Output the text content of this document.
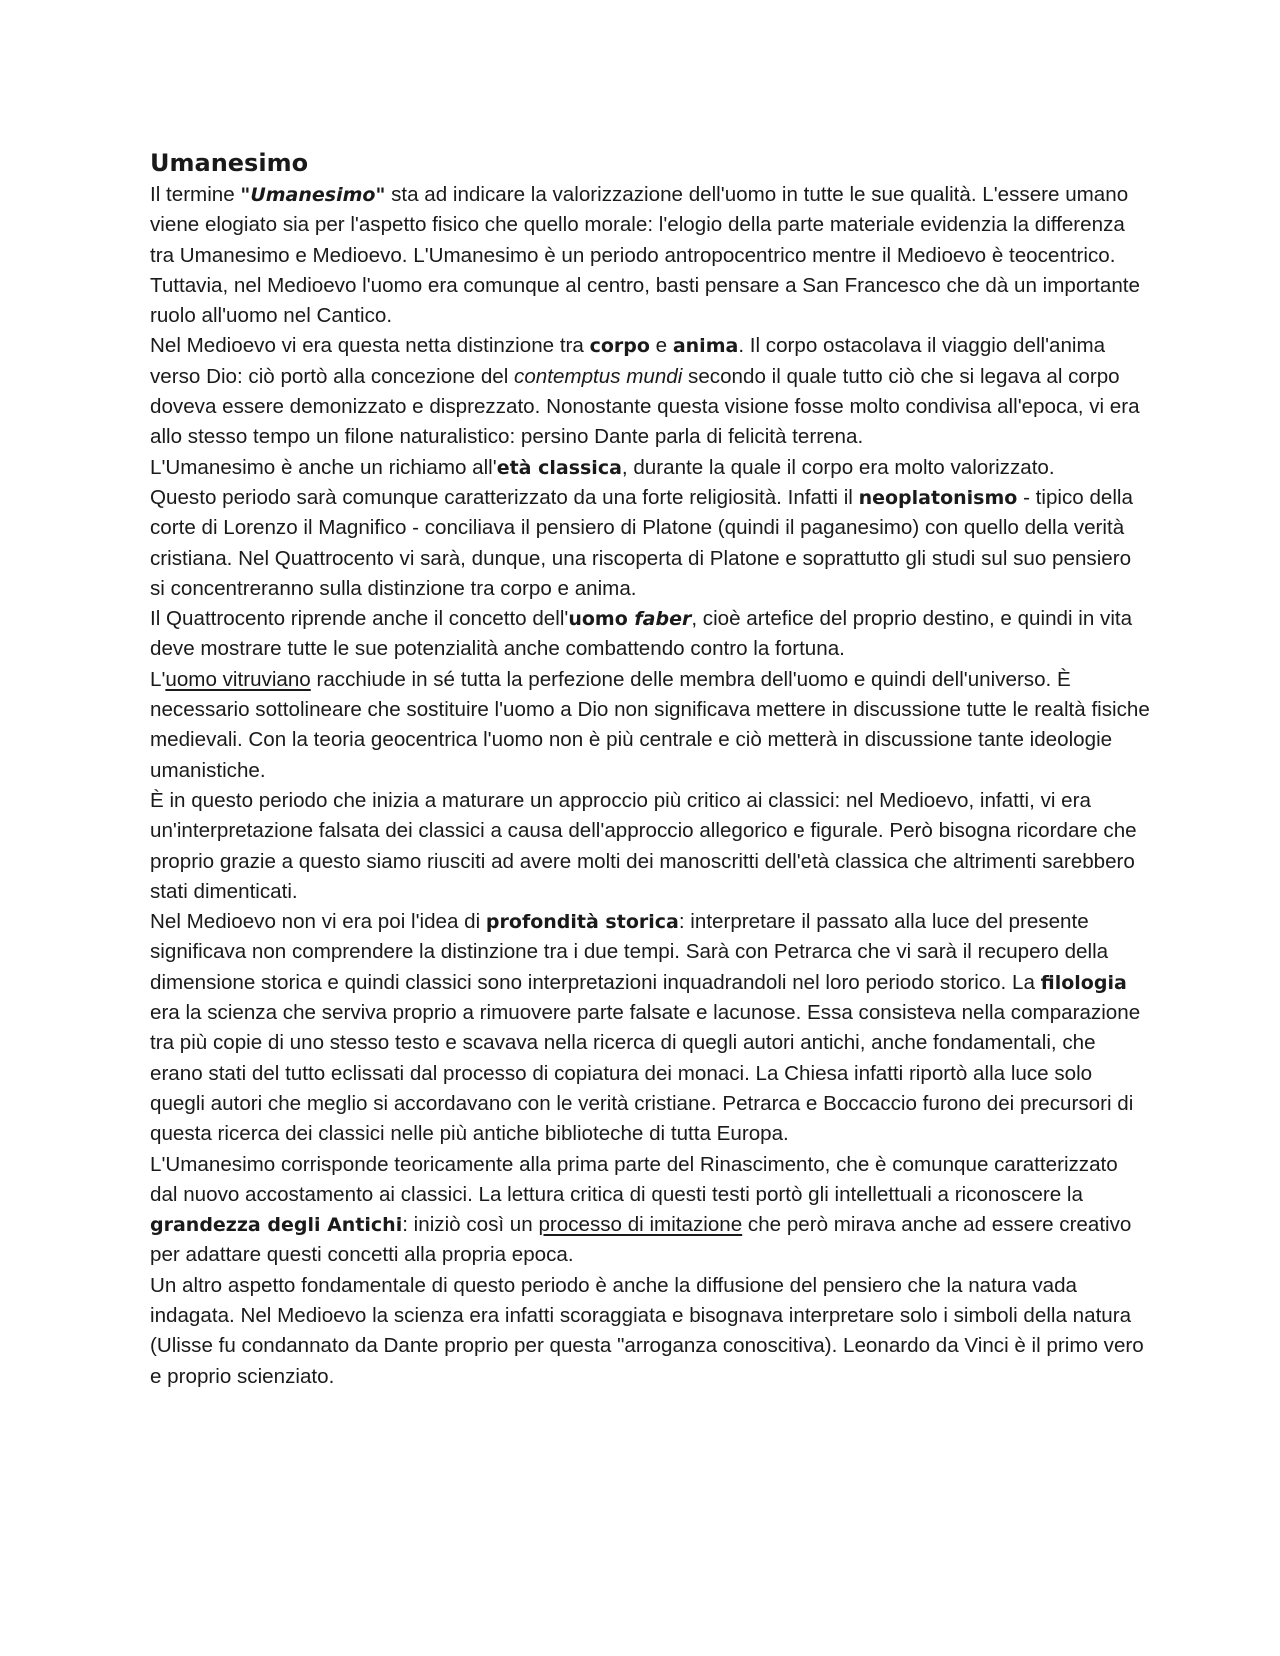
Umanesimo

Il termine "Umanesimo" sta ad indicare la valorizzazione dell'uomo in tutte le sue qualità. L'essere umano viene elogiato sia per l'aspetto fisico che quello morale: l'elogio della parte materiale evidenzia la differenza tra Umanesimo e Medioevo. L'Umanesimo è un periodo antropocentrico mentre il Medioevo è teocentrico. Tuttavia, nel Medioevo l'uomo era comunque al centro, basti pensare a San Francesco che dà un importante ruolo all'uomo nel Cantico.

Nel Medioevo vi era questa netta distinzione tra corpo e anima. Il corpo ostacolava il viaggio dell'anima verso Dio: ciò portò alla concezione del contemptus mundi secondo il quale tutto ciò che si legava al corpo doveva essere demonizzato e disprezzato. Nonostante questa visione fosse molto condivisa all'epoca, vi era allo stesso tempo un filone naturalistico: persino Dante parla di felicità terrena.

L'Umanesimo è anche un richiamo all'età classica, durante la quale il corpo era molto valorizzato.

Questo periodo sarà comunque caratterizzato da una forte religiosità. Infatti il neoplatonismo - tipico della corte di Lorenzo il Magnifico - conciliava il pensiero di Platone (quindi il paganesimo) con quello della verità cristiana. Nel Quattrocento vi sarà, dunque, una riscoperta di Platone e soprattutto gli studi sul suo pensiero si concentreranno sulla distinzione tra corpo e anima.

Il Quattrocento riprende anche il concetto dell'uomo faber, cioè artefice del proprio destino, e quindi in vita deve mostrare tutte le sue potenzialità anche combattendo contro la fortuna.

L'uomo vitruviano racchiude in sé tutta la perfezione delle membra dell'uomo e quindi dell'universo. È necessario sottolineare che sostituire l'uomo a Dio non significava mettere in discussione tutte le realtà fisiche medievali. Con la teoria geocentrica l'uomo non è più centrale e ciò metterà in discussione tante ideologie umanistiche.

È in questo periodo che inizia a maturare un approccio più critico ai classici: nel Medioevo, infatti, vi era un'interpretazione falsata dei classici a causa dell'approccio allegorico e figurale. Però bisogna ricordare che proprio grazie a questo siamo riusciti ad avere molti dei manoscritti dell'età classica che altrimenti sarebbero stati dimenticati.

Nel Medioevo non vi era poi l'idea di profondità storica: interpretare il passato alla luce del presente significava non comprendere la distinzione tra i due tempi. Sarà con Petrarca che vi sarà il recupero della dimensione storica e quindi classici sono interpretazioni inquadrandoli nel loro periodo storico. La filologia era la scienza che serviva proprio a rimuovere parte falsate e lacunose. Essa consisteva nella comparazione tra più copie di uno stesso testo e scavava nella ricerca di quegli autori antichi, anche fondamentali, che erano stati del tutto eclissati dal processo di copiatura dei monaci. La Chiesa infatti riportò alla luce solo quegli autori che meglio si accordavano con le verità cristiane. Petrarca e Boccaccio furono dei precursori di questa ricerca dei classici nelle più antiche biblioteche di tutta Europa.

L'Umanesimo corrisponde teoricamente alla prima parte del Rinascimento, che è comunque caratterizzato dal nuovo accostamento ai classici. La lettura critica di questi testi portò gli intellettuali a riconoscere la grandezza degli Antichi: iniziò così un processo di imitazione che però mirava anche ad essere creativo per adattare questi concetti alla propria epoca.

Un altro aspetto fondamentale di questo periodo è anche la diffusione del pensiero che la natura vada indagata. Nel Medioevo la scienza era infatti scoraggiata e bisognava interpretare solo i simboli della natura (Ulisse fu condannato da Dante proprio per questa "arroganza conoscitiva). Leonardo da Vinci è il primo vero e proprio scienziato.
